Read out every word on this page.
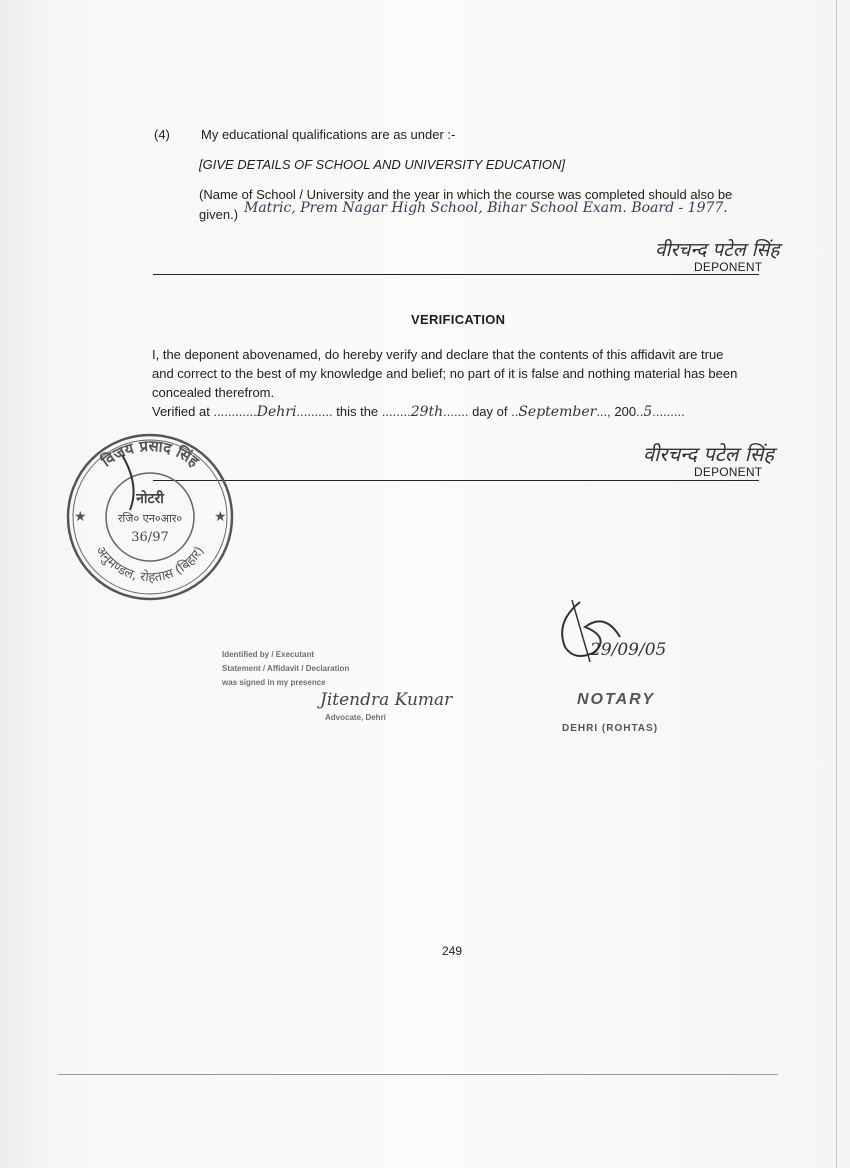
(4) My educational qualifications are as under :-
[GIVE DETAILS OF SCHOOL AND UNIVERSITY EDUCATION]
(Name of School / University and the year in which the course was completed should also be
given.) Matric, Prem Nagar High School, Bihar School Exam. Board - 1977.
वीरचन्द पटेल सिंह
DEPONENT
VERIFICATION
I, the deponent abovenamed, do hereby verify and declare that the contents of this affidavit are true
and correct to the best of my knowledge and belief; no part of it is false and nothing material has been
concealed therefrom.
Verified at ............Dehri.......... this the ........29th....... day of ..September..., 200..5.........
वीरचन्द पटेल सिंह
DEPONENT
विजय प्रसाद सिंह
अनुमण्डल, रोहतास (बिहार)
नोटरी
रजि० एन०आर०
36/97
★	★
Identified by / Executant
Statement / Affidavit / Declaration
was signed in my presence
Jitendra Kumar
Advocate, Dehri
29/09/05
NOTARY
DEHRI (ROHTAS)
249
